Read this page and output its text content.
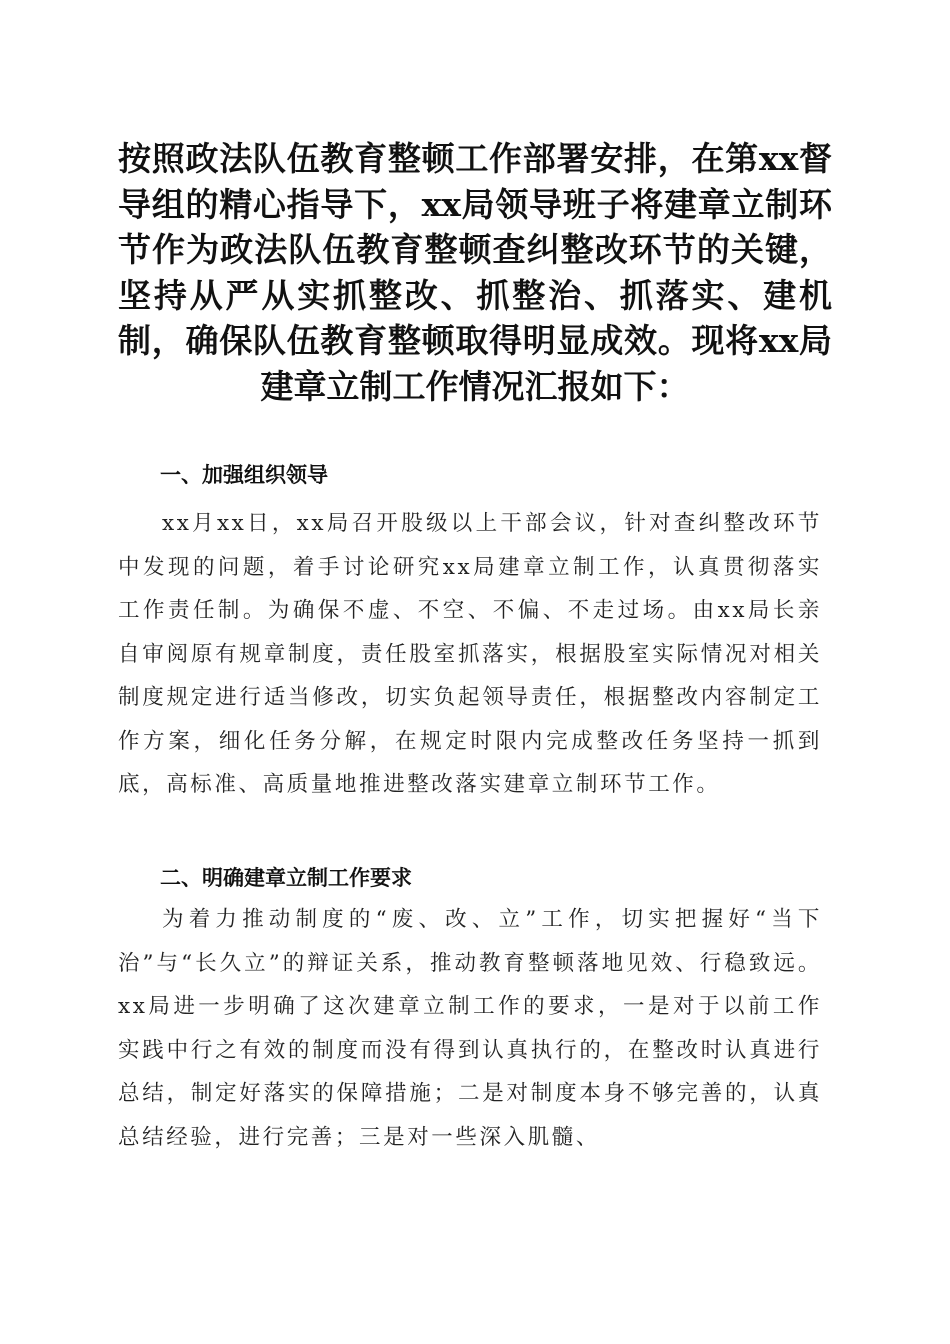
按照政法队伍教育整顿工作部署安排，在第xx督导组的精心指导下，xx局领导班子将建章立制环节作为政法队伍教育整顿查纠整改环节的关键，坚持从严从实抓整改、抓整治、抓落实、建机制，确保队伍教育整顿取得明显成效。现将xx局建章立制工作情况汇报如下：
一、加强组织领导

xx月xx日，xx局召开股级以上干部会议，针对查纠整改环节中发现的问题，着手讨论研究xx局建章立制工作，认真贯彻落实工作责任制。为确保不虚、不空、不偏、不走过场。由xx局长亲自审阅原有规章制度，责任股室抓落实，根据股室实际情况对相关制度规定进行适当修改，切实负起领导责任，根据整改内容制定工作方案，细化任务分解，在规定时限内完成整改任务坚持一抓到底，高标准、高质量地推进整改落实建章立制环节工作。

二、明确建章立制工作要求

为着力推动制度的“废、改、立”工作，切实把握好“当下治”与“长久立”的辩证关系，推动教育整顿落地见效、行稳致远。xx局进一步明确了这次建章立制工作的要求，一是对于以前工作实践中行之有效的制度而没有得到认真执行的，在整改时认真进行总结，制定好落实的保障措施；二是对制度本身不够完善的，认真总结经验，进行完善；三是对一些深入肌髓、
